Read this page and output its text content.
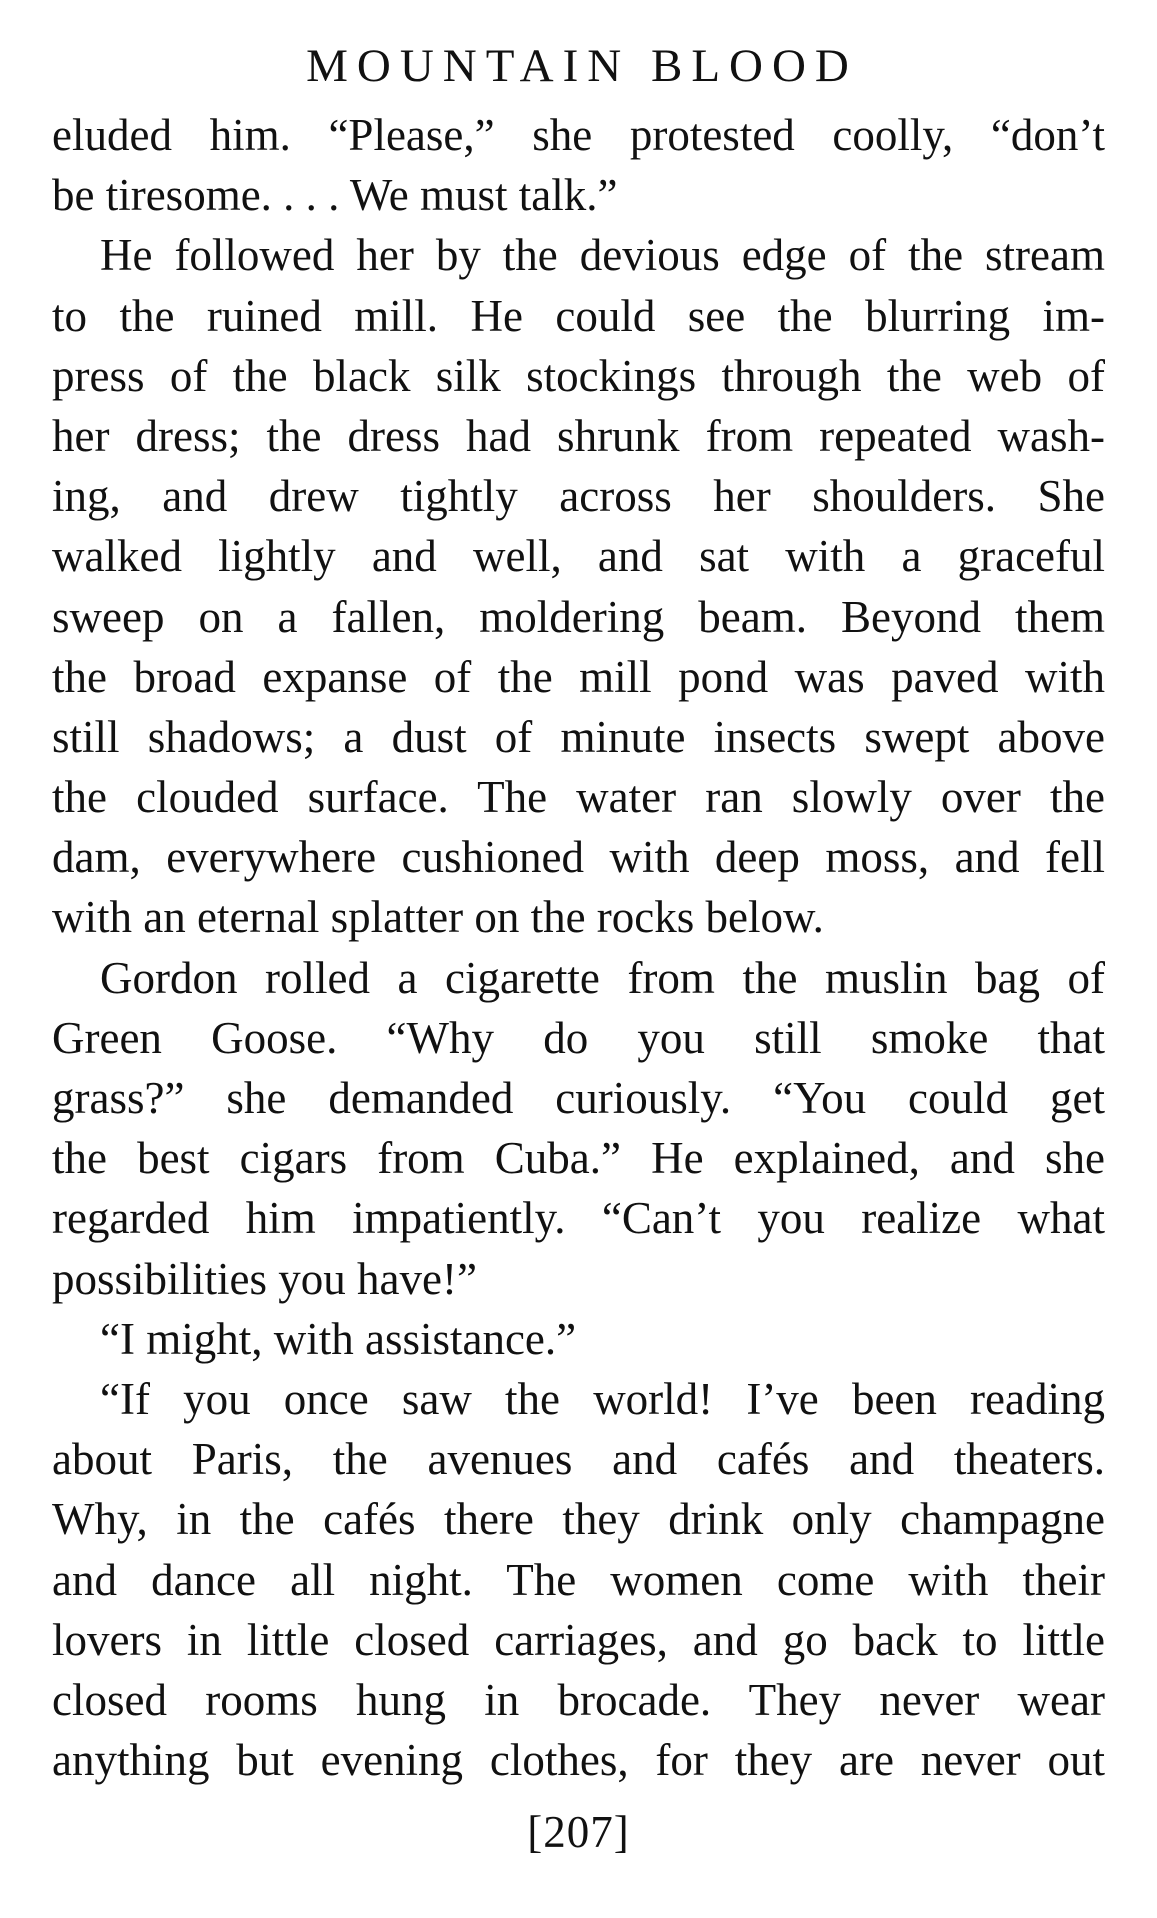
MOUNTAIN BLOOD
eluded him. “Please,” she protested coolly, “don’t
be tiresome. . . . We must talk.”
He followed her by the devious edge of the stream
to the ruined mill. He could see the blurring im-
press of the black silk stockings through the web of
her dress; the dress had shrunk from repeated wash-
ing, and drew tightly across her shoulders. She
walked lightly and well, and sat with a graceful
sweep on a fallen, moldering beam. Beyond them
the broad expanse of the mill pond was paved with
still shadows; a dust of minute insects swept above
the clouded surface. The water ran slowly over the
dam, everywhere cushioned with deep moss, and fell
with an eternal splatter on the rocks below.
Gordon rolled a cigarette from the muslin bag of
Green Goose. “Why do you still smoke that
grass?” she demanded curiously. “You could get
the best cigars from Cuba.” He explained, and she
regarded him impatiently. “Can’t you realize what
possibilities you have!”
“I might, with assistance.”
“If you once saw the world! I’ve been reading
about Paris, the avenues and cafés and theaters.
Why, in the cafés there they drink only champagne
and dance all night. The women come with their
lovers in little closed carriages, and go back to little
closed rooms hung in brocade. They never wear
anything but evening clothes, for they are never out
[207]
